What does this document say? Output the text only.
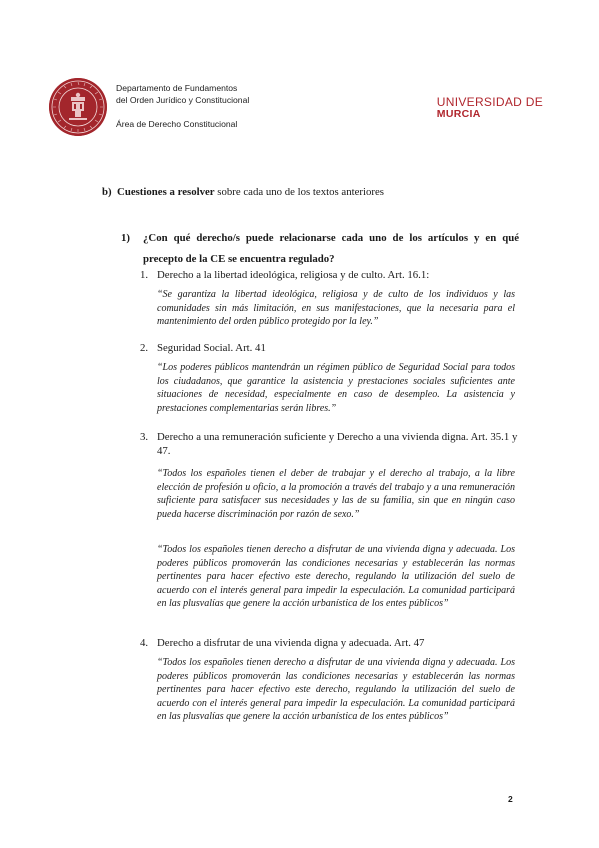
Departamento de Fundamentos
del Orden Jurídico y Constitucional
Área de Derecho Constitucional
UNIVERSIDAD DE
MURCIA
b) Cuestiones a resolver sobre cada uno de los textos anteriores
1) ¿Con qué derecho/s puede relacionarse cada uno de los artículos y en qué precepto de la CE se encuentra regulado?
1. Derecho a la libertad ideológica, religiosa y de culto. Art. 16.1:
“Se garantiza la libertad ideológica, religiosa y de culto de los individuos y las comunidades sin más limitación, en sus manifestaciones, que la necesaria para el mantenimiento del orden público protegido por la ley.”
2. Seguridad Social. Art. 41
“Los poderes públicos mantendrán un régimen público de Seguridad Social para todos los ciudadanos, que garantice la asistencia y prestaciones sociales suficientes ante situaciones de necesidad, especialmente en caso de desempleo. La asistencia y prestaciones complementarias serán libres.”
3. Derecho a una remuneración suficiente y Derecho a una vivienda digna. Art. 35.1 y 47.
“Todos los españoles tienen el deber de trabajar y el derecho al trabajo, a la libre elección de profesión u oficio, a la promoción a través del trabajo y a una remuneración suficiente para satisfacer sus necesidades y las de su familia, sin que en ningún caso pueda hacerse discriminación por razón de sexo.”
“Todos los españoles tienen derecho a disfrutar de una vivienda digna y adecuada. Los poderes públicos promoverán las condiciones necesarias y establecerán las normas pertinentes para hacer efectivo este derecho, regulando la utilización del suelo de acuerdo con el interés general para impedir la especulación. La comunidad participará en las plusvalías que genere la acción urbanística de los entes públicos”
4. Derecho a disfrutar de una vivienda digna y adecuada. Art. 47
“Todos los españoles tienen derecho a disfrutar de una vivienda digna y adecuada. Los poderes públicos promoverán las condiciones necesarias y establecerán las normas pertinentes para hacer efectivo este derecho, regulando la utilización del suelo de acuerdo con el interés general para impedir la especulación. La comunidad participará en las plusvalías que genere la acción urbanística de los entes públicos”
2
